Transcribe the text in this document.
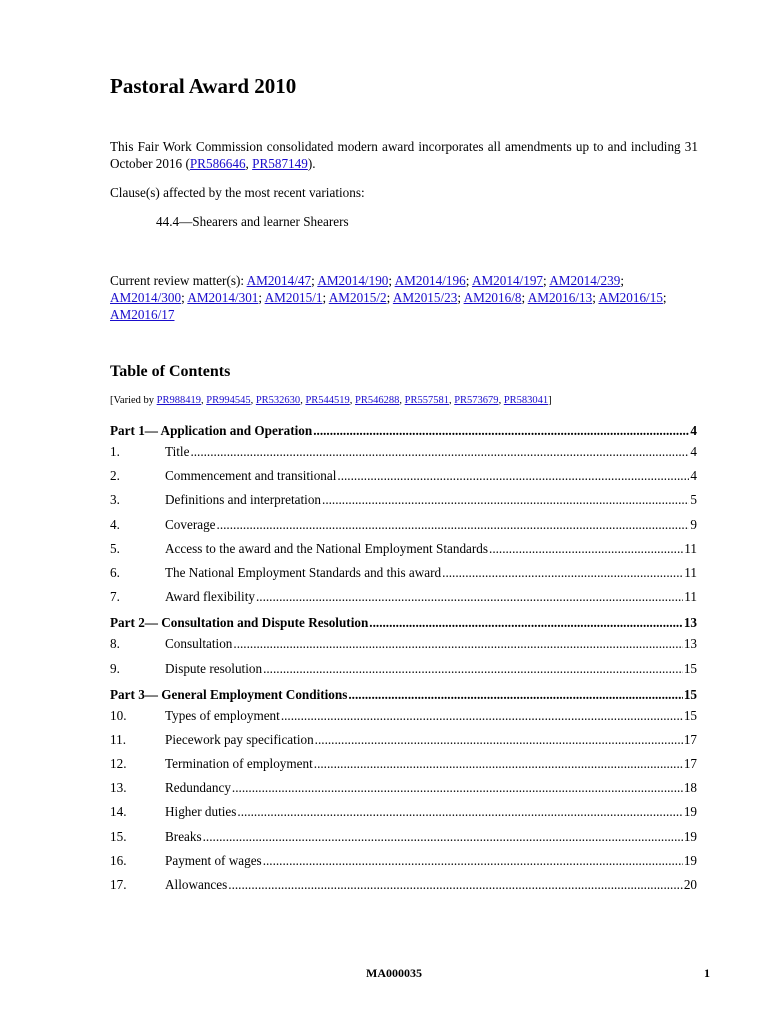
Pastoral Award 2010

This Fair Work Commission consolidated modern award incorporates all amendments up to and including 31 October 2016 (PR586646, PR587149).

Clause(s) affected by the most recent variations:

44.4—Shearers and learner Shearers

Current review matter(s): AM2014/47; AM2014/190; AM2014/196; AM2014/197; AM2014/239; AM2014/300; AM2014/301; AM2015/1; AM2015/2; AM2015/23; AM2016/8; AM2016/13; AM2016/15; AM2016/17

Table of Contents

[Varied by PR988419, PR994545, PR532630, PR544519, PR546288, PR557581, PR573679, PR583041]

Part 1— Application and Operation .....	4
1.	Title .....	4
2.	Commencement and transitional .....	4
3.	Definitions and interpretation .....	5
4.	Coverage .....	9
5.	Access to the award and the National Employment Standards .....	11
6.	The National Employment Standards and this award .....	11
7.	Award flexibility .....	11
Part 2— Consultation and Dispute Resolution .....	13
8.	Consultation .....	13
9.	Dispute resolution .....	15
Part 3— General Employment Conditions .....	15
10.	Types of employment .....	15
11.	Piecework pay specification .....	17
12.	Termination of employment .....	17
13.	Redundancy .....	18
14.	Higher duties .....	19
15.	Breaks .....	19
16.	Payment of wages .....	19
17.	Allowances .....	20
MA000035	1
